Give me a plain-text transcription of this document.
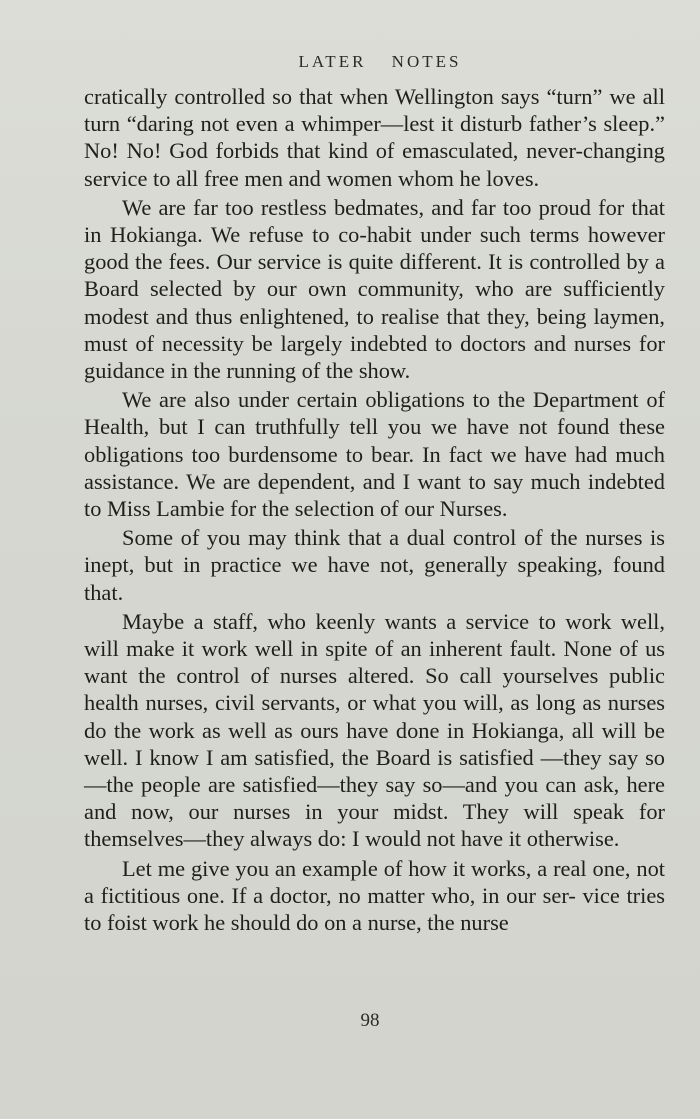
LATER NOTES

cratically controlled so that when Wellington says “turn” we all turn “daring not even a whimper—lest it disturb father’s sleep.” No! No! God forbids that kind of emasculated, never-changing service to all free men and women whom he loves.

We are far too restless bedmates, and far too proud for that in Hokianga. We refuse to co-habit under such terms however good the fees. Our service is quite different. It is controlled by a Board selected by our own community, who are sufficiently modest and thus enlightened, to realise that they, being laymen, must of necessity be largely indebted to doctors and nurses for guidance in the running of the show.

We are also under certain obligations to the Department of Health, but I can truthfully tell you we have not found these obligations too burdensome to bear. In fact we have had much assistance. We are dependent, and I want to say much indebted to Miss Lambie for the selection of our Nurses.

Some of you may think that a dual control of the nurses is inept, but in practice we have not, generally speaking, found that.

Maybe a staff, who keenly wants a service to work well, will make it work well in spite of an inherent fault. None of us want the control of nurses altered. So call yourselves public health nurses, civil servants, or what you will, as long as nurses do the work as well as ours have done in Hokianga, all will be well. I know I am satisfied, the Board is satisfied —they say so—the people are satisfied—they say so—and you can ask, here and now, our nurses in your midst. They will speak for themselves—they always do: I would not have it otherwise.

Let me give you an example of how it works, a real one, not a fictitious one. If a doctor, no matter who, in our ser- vice tries to foist work he should do on a nurse, the nurse

98
